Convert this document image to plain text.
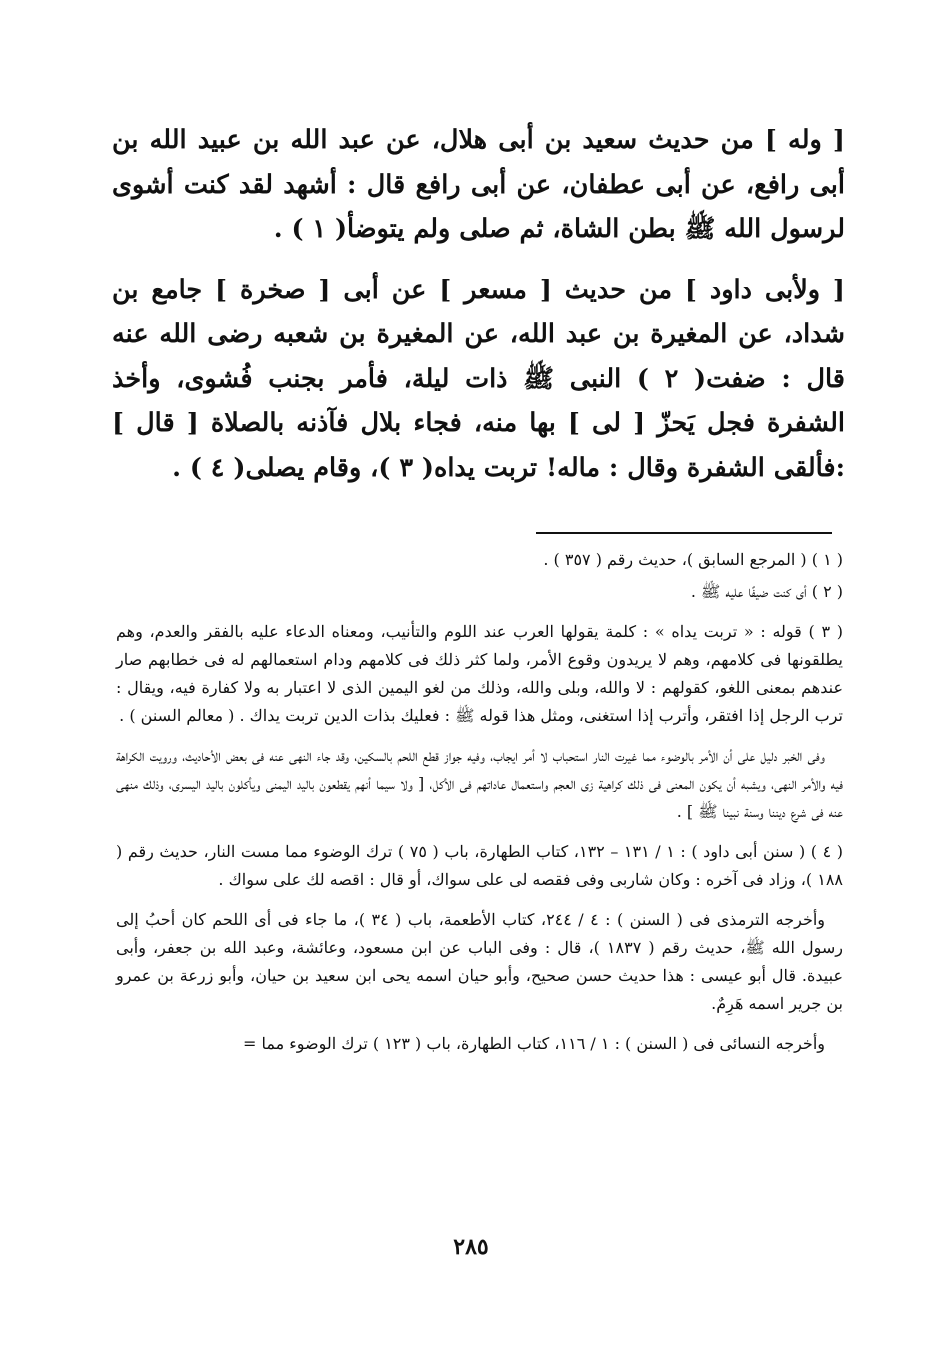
[ وله ] من حديث سعيد بن أبى هلال، عن عبد الله بن عبيد الله بن أبى رافع، عن أبى عطفان، عن أبى رافع قال : أشهد لقد كنت أشوى لرسول الله ﷺ بطن الشاة، ثم صلى ولم يتوضأ( ١ ) .

[ ولأبى داود ] من حديث [ مسعر ] عن أبى [ صخرة ] جامع بن شداد، عن المغيرة بن عبد الله، عن المغيرة بن شعبه رضى الله عنه قال : ضفت( ٢ ) النبى ﷺ ذات ليلة، فأمر بجنب فُشوى، وأخذ الشفرة فجل يَحزّ [ لى ] بها منه، فجاء بلال فآذنه بالصلاة [ قال ] :فألقى الشفرة وقال : ماله! تربت يداه( ٣ )، وقام يصلى( ٤ ) .

( ١ ) ( المرجع السابق )، حديث رقم ( ٣٥٧ ) .

( ٢ ) أى كنت ضيفًا عليه ﷺ .

( ٣ ) قوله : « تربت يداه » : كلمة يقولها العرب عند اللوم والتأنيب، ومعناه الدعاء عليه بالفقر والعدم، وهم يطلقونها فى كلامهم، وهم لا يريدون وقوع الأمر، ولما كثر ذلك فى كلامهم ودام استعمالهم له فى خطابهم صار عندهم بمعنى اللغو، كقولهم : لا والله، وبلى والله، وذلك من لغو اليمين الذى لا اعتبار به ولا كفارة فيه، ويقال : ترب الرجل إذا افتقر، وأترب إذا استغنى، ومثل هذا قوله ﷺ : فعليك بذات الدين تربت يداك . ( معالم السنن ) .

وفى الخبر دليل على أن الأمر بالوضوء مما غيرت النار استحباب لا أمر ايجاب، وفيه جواز قطع اللحم بالسكين، وقد جاء النهى عنه فى بعض الأحاديث، ورويت الكراهة فيه والأمر النهى، ويشبه أن يكون المعنى فى ذلك كراهية زى العجم واستعمال عاداتهم فى الأكل، [ ولا سيما أنهم يقطعون باليد اليمنى ويأكلون باليد اليسرى، وذلك منهى عنه فى شرع ديننا وسنة نبينا ﷺ ] .

( ٤ ) ( سنن أبى داود ) : ١ / ١٣١ – ١٣٢، كتاب الطهارة، باب ( ٧٥ ) ترك الوضوء مما مست النار، حديث رقم ( ١٨٨ )، وزاد فى آخره : وكان شاربى وفى فقصه لى على سواك، أو قال : اقصه لك على سواك .

وأخرجه الترمذى فى ( السنن ) : ٤ / ٢٤٤، كتاب الأطعمة، باب ( ٣٤ )، ما جاء فى أى اللحم كان أحبُ إلى رسول الله ﷺ، حديث رقم ( ١٨٣٧ )، قال : وفى الباب عن ابن مسعود، وعائشة، وعبد الله بن جعفر، وأبى عبيدة. قال أبو عيسى : هذا حديث حسن صحيح، وأبو حيان اسمه يحى ابن سعيد بن حيان، وأبو زرعة بن عمرو بن جرير اسمه هَرِمٌ.

وأخرجه النسائى فى ( السنن ) : ١ / ١١٦، كتاب الطهارة، باب ( ١٢٣ ) ترك الوضوء مما =

٢٨٥
